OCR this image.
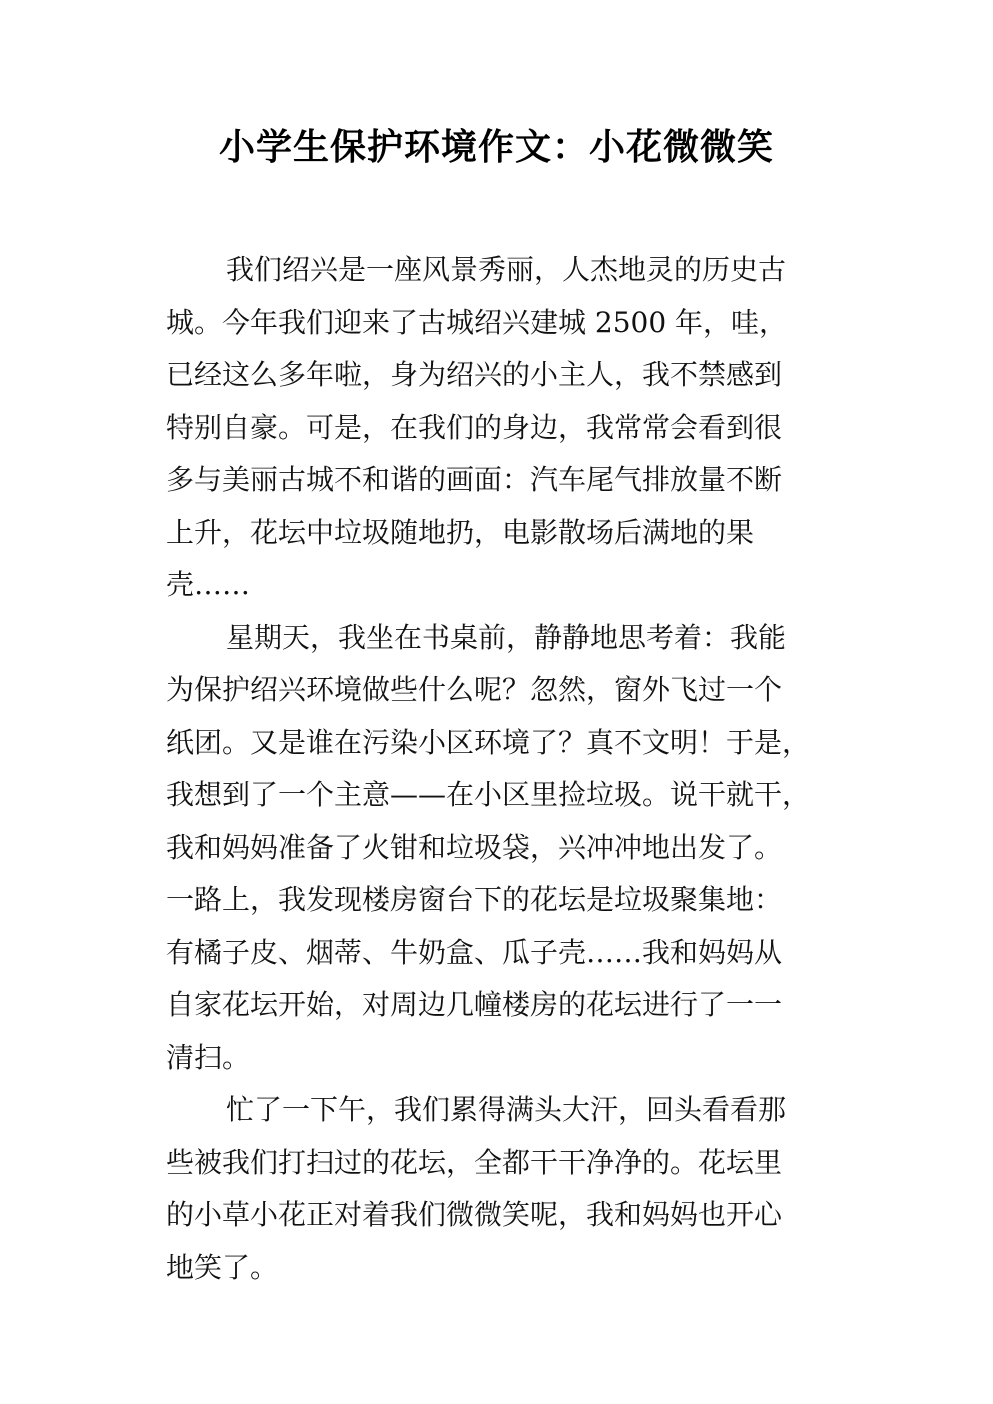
小学生保护环境作文：小花微微笑
我们绍兴是一座风景秀丽，人杰地灵的历史古
城。今年我们迎来了古城绍兴建城 2500 年，哇，
已经这么多年啦，身为绍兴的小主人，我不禁感到
特别自豪。可是，在我们的身边，我常常会看到很
多与美丽古城不和谐的画面：汽车尾气排放量不断
上升，花坛中垃圾随地扔，电影散场后满地的果
壳……
星期天，我坐在书桌前，静静地思考着：我能
为保护绍兴环境做些什么呢？忽然，窗外飞过一个
纸团。又是谁在污染小区环境了？真不文明！于是，
我想到了一个主意——在小区里捡垃圾。说干就干，
我和妈妈准备了火钳和垃圾袋，兴冲冲地出发了。
一路上，我发现楼房窗台下的花坛是垃圾聚集地：
有橘子皮、烟蒂、牛奶盒、瓜子壳……我和妈妈从
自家花坛开始，对周边几幢楼房的花坛进行了一一
清扫。
忙了一下午，我们累得满头大汗，回头看看那
些被我们打扫过的花坛，全都干干净净的。花坛里
的小草小花正对着我们微微笑呢，我和妈妈也开心
地笑了。
